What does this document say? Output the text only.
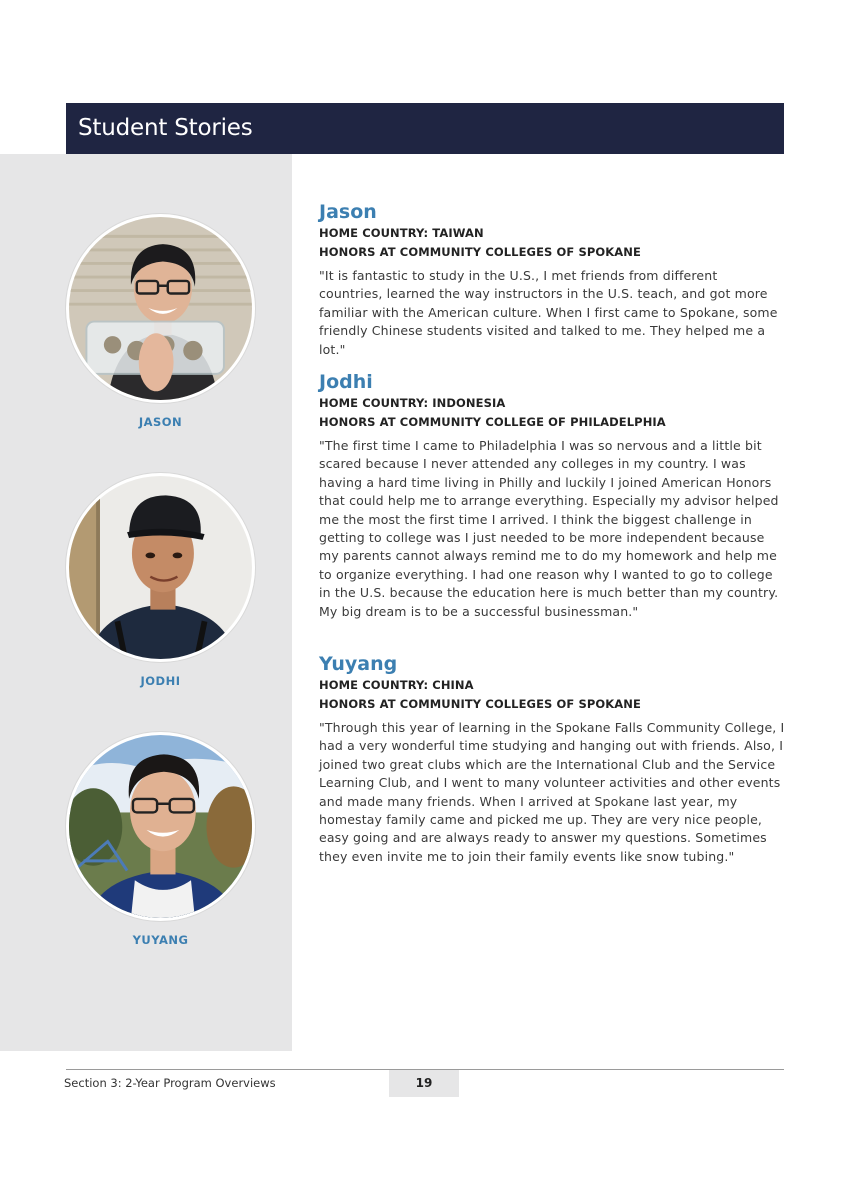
Student Stories
JASON
JODHI
YUYANG
Jason
HOME COUNTRY: TAIWAN
HONORS AT COMMUNITY COLLEGES OF SPOKANE
"It is fantastic to study in the U.S., I met friends from different countries, learned the way instructors in the U.S. teach, and got more familiar with the American culture. When I first came to Spokane, some friendly Chinese students visited and talked to me. They helped me a lot."
Jodhi
HOME COUNTRY: INDONESIA
HONORS AT COMMUNITY COLLEGE OF PHILADELPHIA
"The first time I came to Philadelphia I was so nervous and a little bit scared because I never attended any colleges in my country. I was having a hard time living in Philly and luckily I joined American Honors that could help me to arrange everything. Especially my advisor helped me the most the first time I arrived. I think the biggest challenge in getting to college was I just needed to be more independent because my parents cannot always remind me to do my homework and help me to organize everything. I had one reason why I wanted to go to college in the U.S. because the education here is much better than my country. My big dream is to be a successful businessman."
Yuyang
HOME COUNTRY: CHINA
HONORS AT COMMUNITY COLLEGES OF SPOKANE
"Through this year of learning in the Spokane Falls Community College, I had a very wonderful time studying and hanging out with friends. Also, I joined two great clubs which are the International Club and the Service Learning Club, and I went to many volunteer activities and other events and made many friends. When I arrived at Spokane last year, my homestay family came and picked me up. They are very nice people, easy going and are always ready to answer my questions. Sometimes they even invite me to join their family events like snow tubing."
Section 3: 2-Year Program Overviews	19
